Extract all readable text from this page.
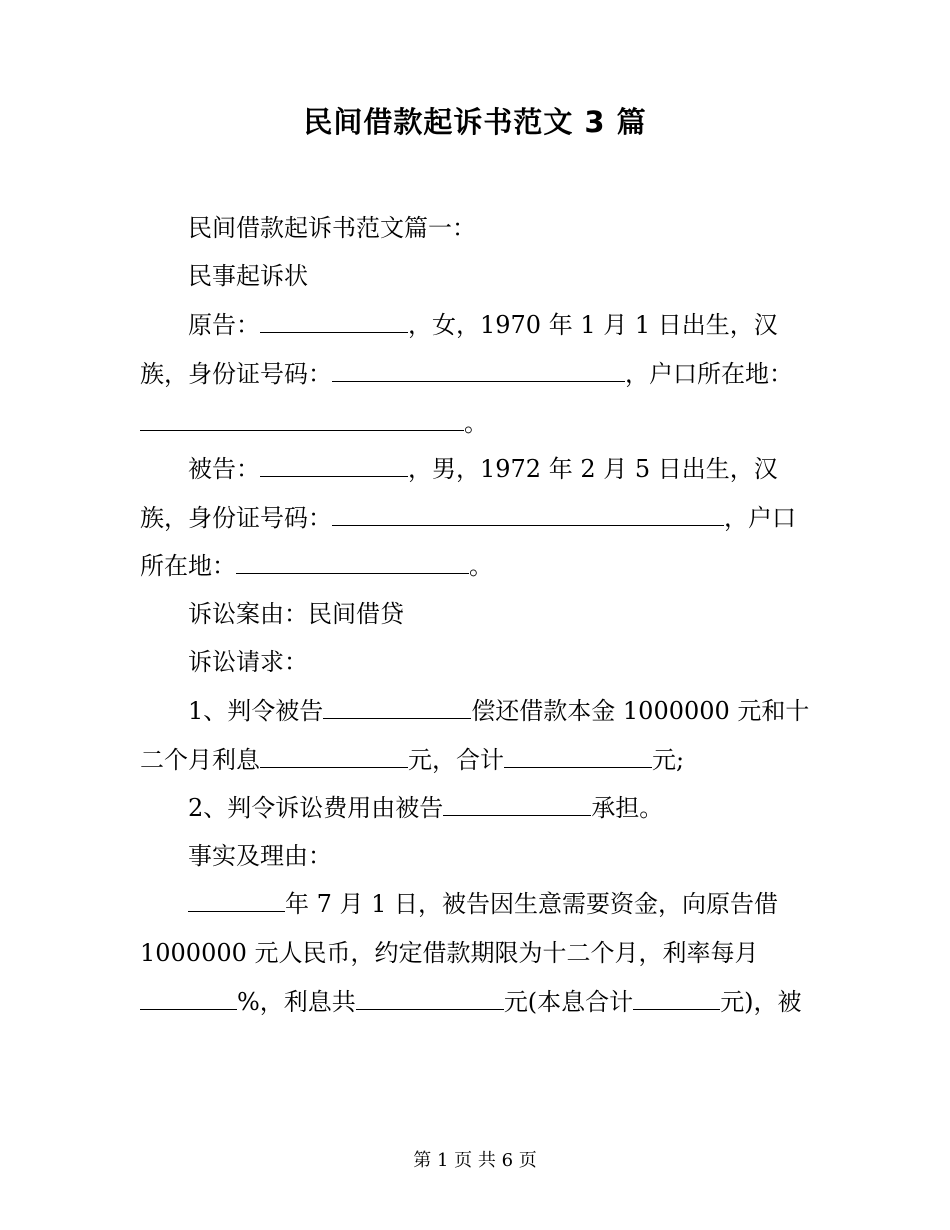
民间借款起诉书范文 3 篇
民间借款起诉书范文篇一：
民事起诉状
原告：	，女，1970 年 1 月 1 日出生，汉
族，身份证号码：	，户口所在地：
。
被告：	，男，1972 年 2 月 5 日出生，汉
族，身份证号码：	，户口
所在地：	。
诉讼案由：民间借贷
诉讼请求：
1、判令被告	偿还借款本金 1000000 元和十
二个月利息	元，合计	元;
2、判令诉讼费用由被告	承担。
事实及理由：
年 7 月 1 日，被告因生意需要资金，向原告借
1000000 元人民币，约定借款期限为十二个月，利率每月
%，利息共	元(本息合计	元)，被
第 1 页 共 6 页
